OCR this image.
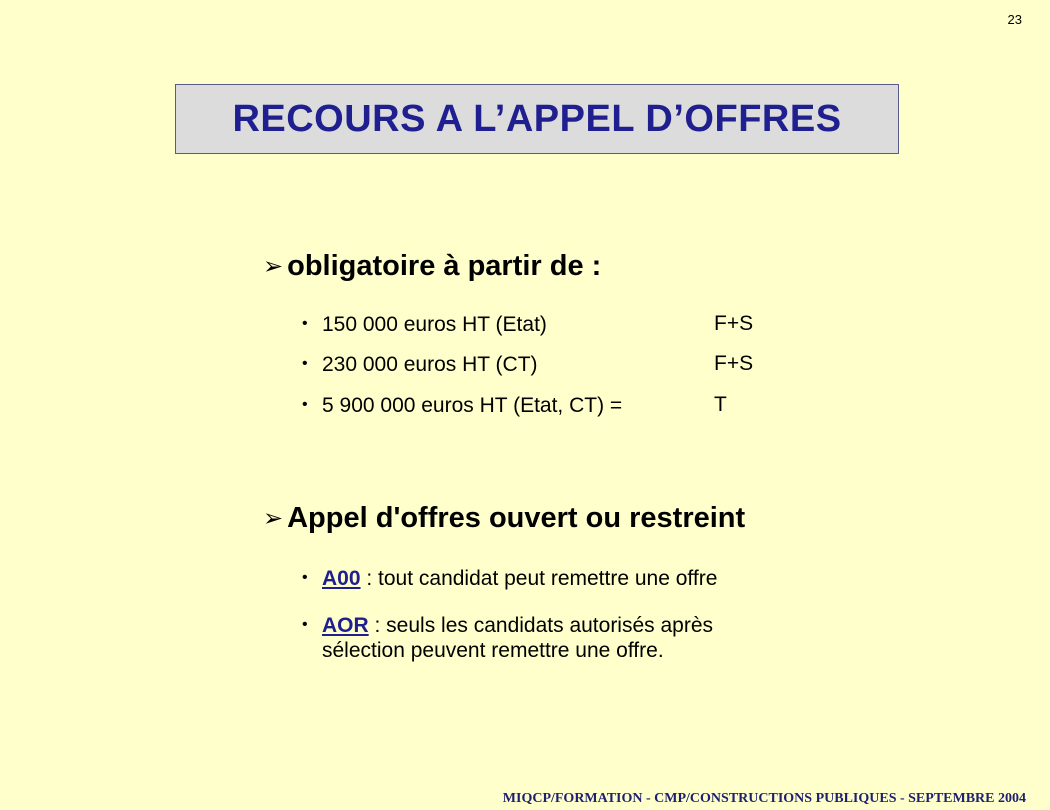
23
RECOURS A L’APPEL D’OFFRES
➢ obligatoire à partir de :
• 150 000 euros HT (Etat)	F+S
• 230 000 euros HT (CT)	F+S
• 5 900 000 euros HT (Etat, CT) =	T
➢ Appel d'offres ouvert ou restreint
• A00 : tout candidat peut remettre une offre
• AOR : seuls les candidats autorisés après
sélection peuvent remettre une offre.
MIQCP/FORMATION - CMP/CONSTRUCTIONS PUBLIQUES - SEPTEMBRE 2004
